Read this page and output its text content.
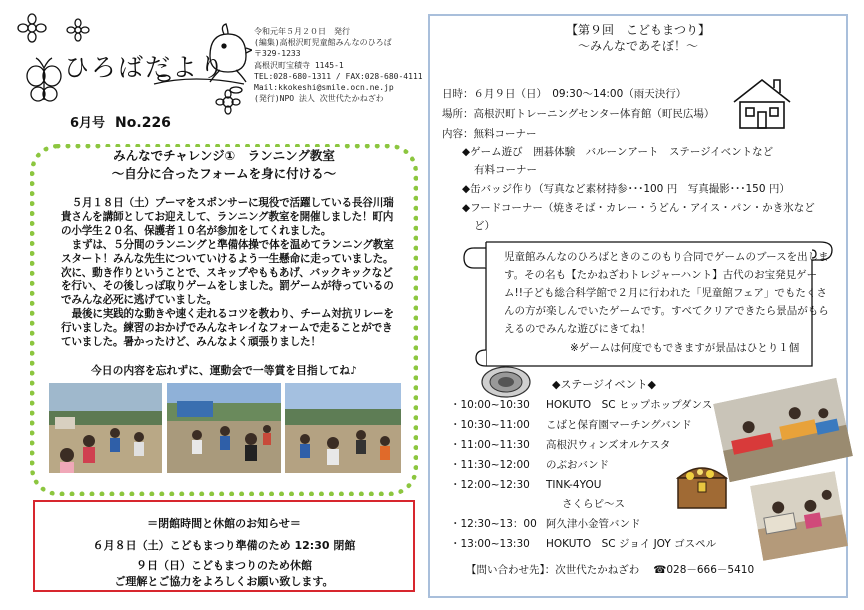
ひろばだより
6月号 No.226
令和元年５月２０日　発行
(編集)高根沢町児童館みんなのひろば
〒329-1233
高根沢町宝積寺 1145-1
TEL:028-680-1311 / FAX:028-680-4111
Mail:kkokeshi@smile.ocn.ne.jp
(発行)NPO 法人 次世代たかねざわ
みんなでチャレンジ①　ランニング教室
～自分に合ったフォームを身に付ける～

５月１８日（土）プーマをスポンサーに現役で活躍している長谷川瑞貴さんを講師としてお迎えして、ランニング教室を開催しました！町内の小学生２０名、保護者１０名が参加をしてくれました。

まずは、５分間のランニングと準備体操で体を温めてランニング教室スタート！みんな先生についていけるよう一生懸命に走っていました。次に、動き作りということで、スキップやももあげ、バックキックなどを行い、その後しっぽ取りゲームをしました。罰ゲームが待っているのでみんな必死に逃げていました。

最後に実践的な動きや速く走れるコツを教わり、チーム対抗リレーを行いました。練習のおかげでみんなキレイなフォームで走ることができていました。暑かったけど、みんなよく頑張りました！

今日の内容を忘れずに、運動会で一等賞を目指してね♪
＝閉館時間と休館のお知らせ＝
６月８日（土）こどもまつり準備のため 12:30 閉館
９日（日）こどもまつりのため休館
ご理解とご協力をよろしくお願い致します。
【第９回　こどもまつり】
～みんなであそぼ！～
日時：６月９日（日）　09:30～14:00（雨天決行）
場所：高根沢町トレーニングセンター体育館（町民広場）
内容：無料コーナー
◆ゲーム遊び　囲碁体験　バルーンアート　ステージイベントなど
有料コーナー
◆缶バッジ作り（写真など素材持参･･･100 円　写真撮影･･･150 円）
◆フードコーナー（焼きそば・カレー・うどん・アイス・パン・かき氷など
ど）
児童館みんなのひろばときのこのもり合同でゲームのブースを出します。その名も【たかねざわトレジャーハント】古代のお宝発見ゲーム!!子ども総合科学館で２月に行われた「児童館フェア」でもたくさんの方が楽しんでいたゲームです。すべてクリアできたら景品がもらえるのでみんな遊びにきてね！
※ゲームは何度でもできますが景品はひとり１個
◆ステージイベント◆
・10:00~10:30 HOKUTO　SC ヒップホップダンス
・10:30~11:00 こばと保育園マーチングバンド
・11:00~11:30 高根沢ウィンズオルケスタ
・11:30~12:00 のぶおバンド
・12:00~12:30 TINK-4YOU
さくらピ～ス
・12:30~13：00 阿久津小金管バンド
・13:00~13:30 HOKUTO　SC ジョイ JOY ゴスペル
【問い合わせ先】：次世代たかねざわ ☎028－666－5410
